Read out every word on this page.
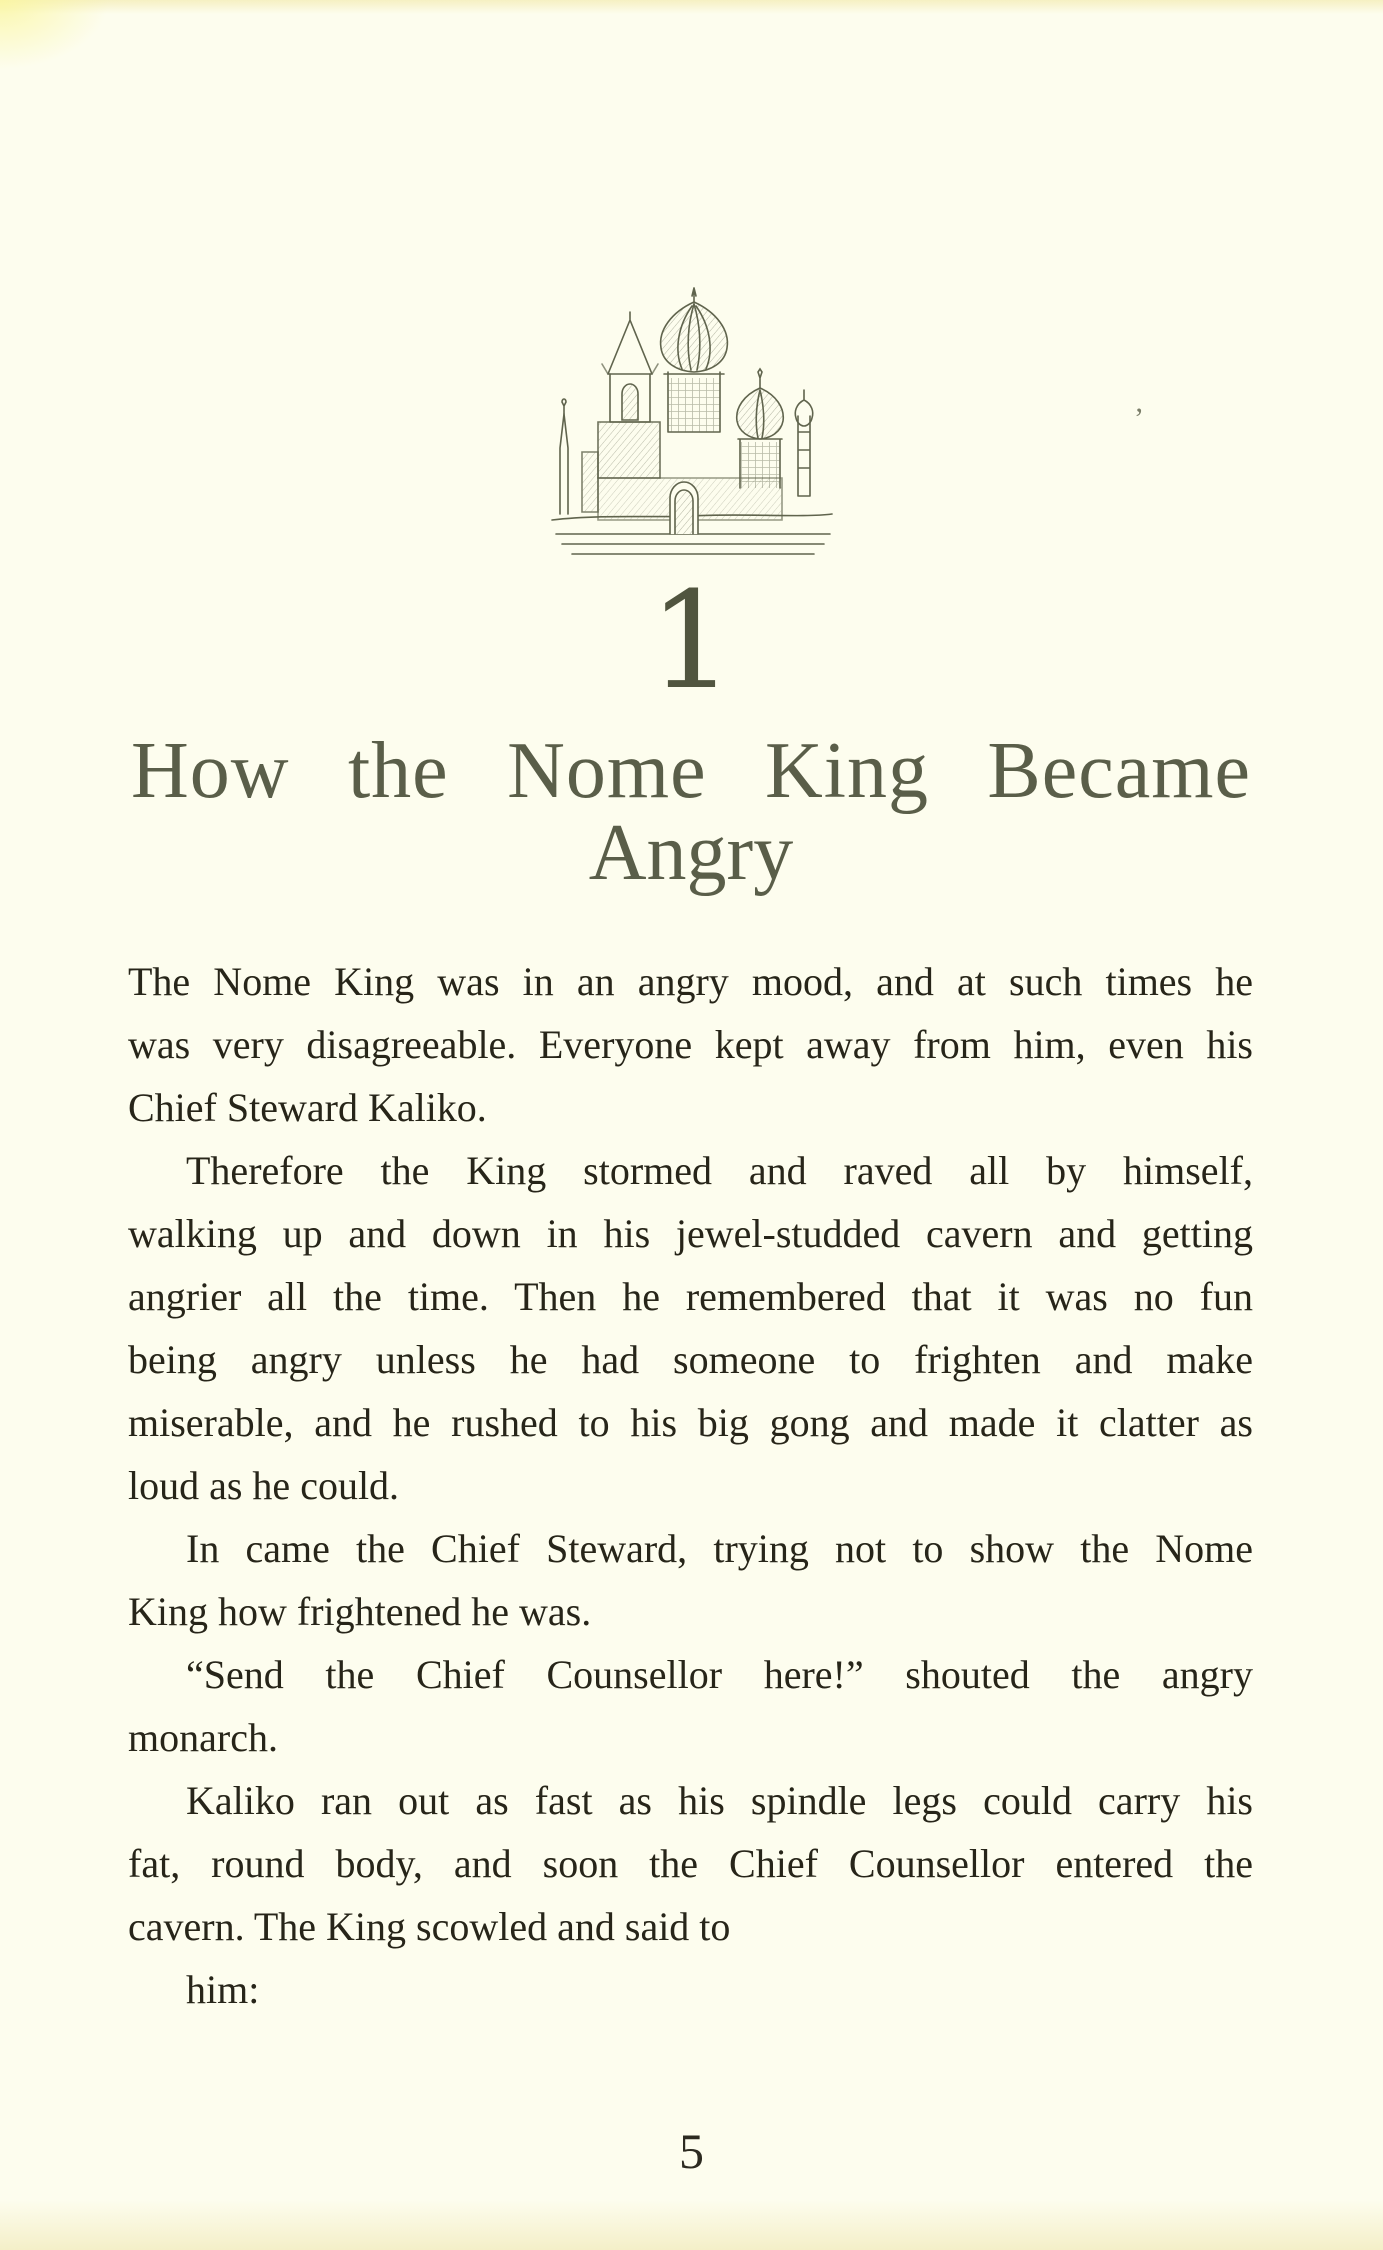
’
1
How the Nome King Became
Angry
The Nome King was in an angry mood, and at such times he
was very disagreeable. Everyone kept away from him, even his
Chief Steward Kaliko.
Therefore the King stormed and raved all by himself,
walking up and down in his jewel-studded cavern and getting
angrier all the time. Then he remembered that it was no fun
being angry unless he had someone to frighten and make
miserable, and he rushed to his big gong and made it clatter as
loud as he could.
In came the Chief Steward, trying not to show the Nome
King how frightened he was.
“Send the Chief Counsellor here!” shouted the angry
monarch.
Kaliko ran out as fast as his spindle legs could carry his
fat, round body, and soon the Chief Counsellor entered the
cavern. The King scowled and said to
him:
5
